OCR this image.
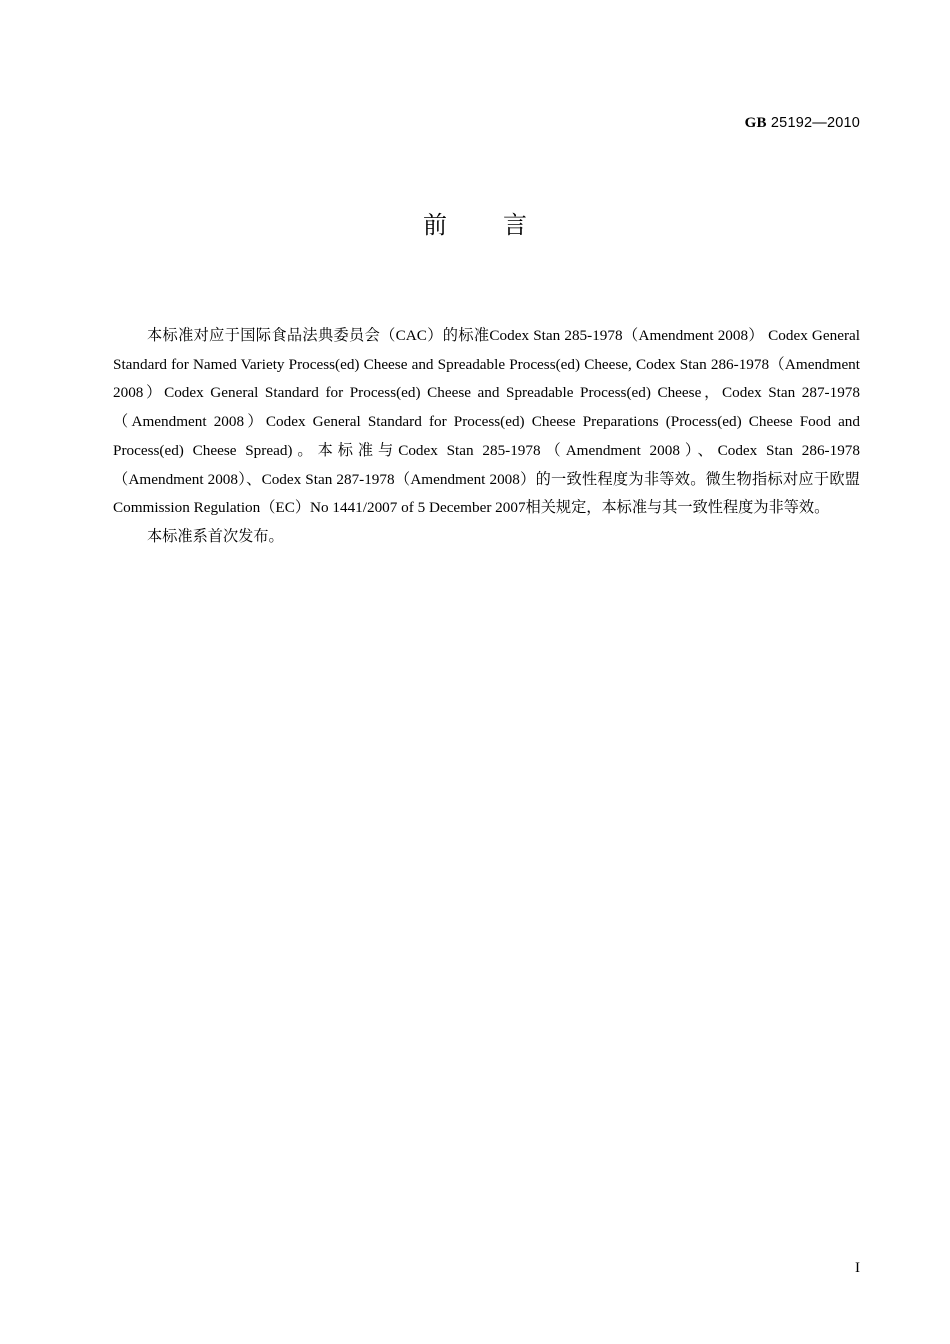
GB 25192—2010
前言

本标准对应于国际食品法典委员会（CAC）的标准Codex Stan 285-1978（Amendment 2008） Codex General Standard for Named Variety Process(ed) Cheese and Spreadable Process(ed) Cheese, Codex Stan 286-1978（Amendment 2008）Codex General Standard for Process(ed) Cheese and Spreadable Process(ed) Cheese，Codex Stan 287-1978（Amendment 2008）Codex General Standard for Process(ed) Cheese Preparations (Process(ed) Cheese Food and Process(ed) Cheese Spread)。本标准与Codex Stan 285-1978（Amendment 2008）、Codex Stan 286-1978（Amendment 2008）、Codex Stan 287-1978（Amendment 2008）的一致性程度为非等效。微生物指标对应于欧盟Commission Regulation（EC）No 1441/2007 of 5 December 2007相关规定，本标准与其一致性程度为非等效。

本标准系首次发布。

I
